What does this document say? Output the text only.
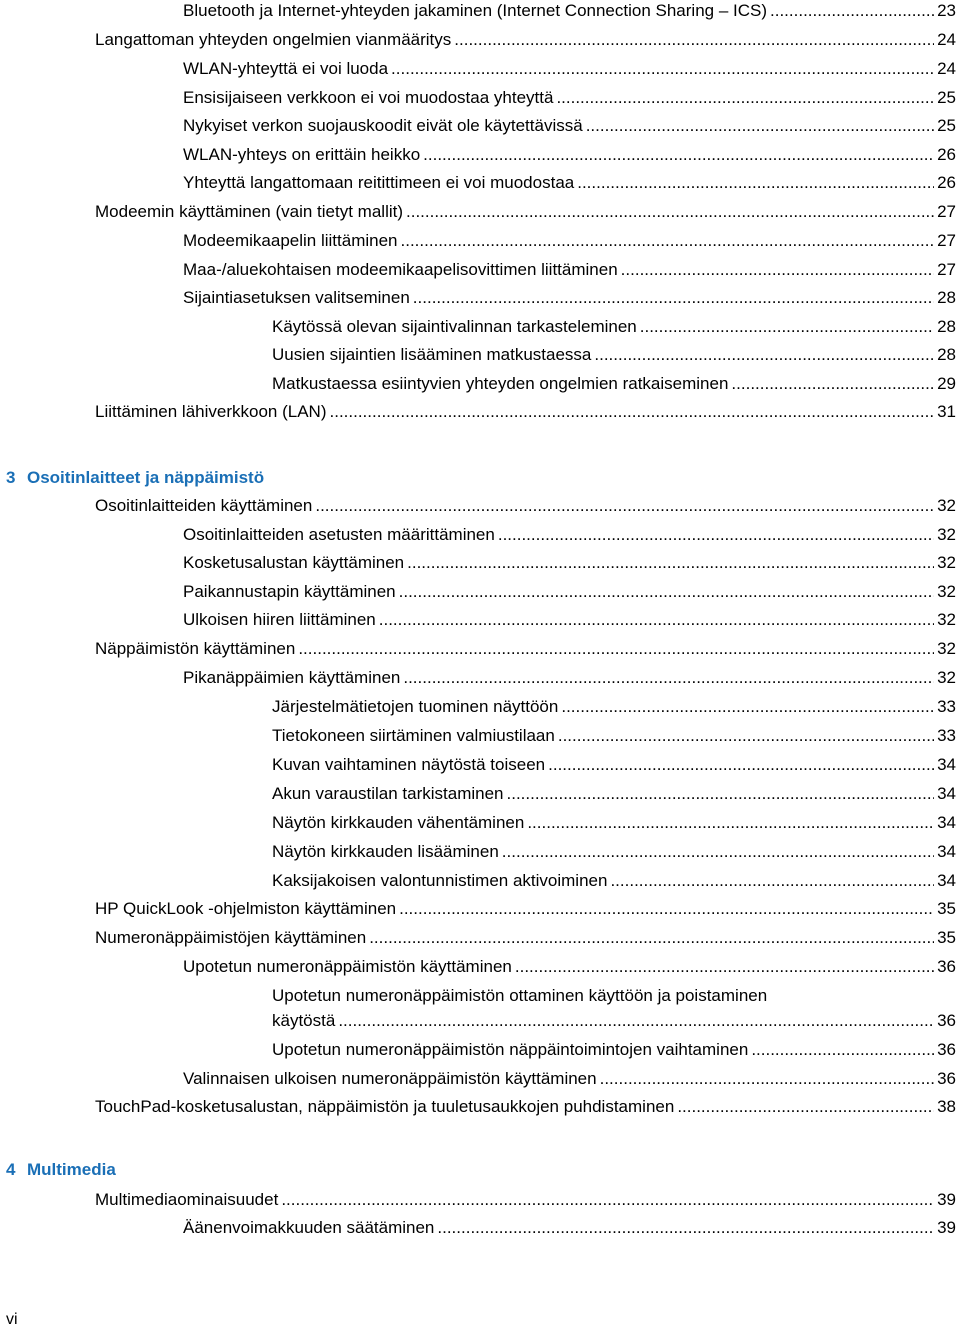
Bluetooth ja Internet-yhteyden jakaminen (Internet Connection Sharing – ICS) .....	23
Langattoman yhteyden ongelmien vianmääritys .....	24
WLAN-yhteyttä ei voi luoda .....	24
Ensisijaiseen verkkoon ei voi muodostaa yhteyttä .....	25
Nykyiset verkon suojauskoodit eivät ole käytettävissä .....	25
WLAN-yhteys on erittäin heikko .....	26
Yhteyttä langattomaan reitittimeen ei voi muodostaa .....	26
Modeemin käyttäminen (vain tietyt mallit) .....	27
Modeemikaapelin liittäminen .....	27
Maa-/aluekohtaisen modeemikaapelisovittimen liittäminen .....	27
Sijaintiasetuksen valitseminen .....	28
Käytössä olevan sijaintivalinnan tarkasteleminen .....	28
Uusien sijaintien lisääminen matkustaessa .....	28
Matkustaessa esiintyvien yhteyden ongelmien ratkaiseminen .....	29
Liittäminen lähiverkkoon (LAN) .....	31
3 Osoitinlaitteet ja näppäimistö
Osoitinlaitteiden käyttäminen .....	32
Osoitinlaitteiden asetusten määrittäminen .....	32
Kosketusalustan käyttäminen .....	32
Paikannustapin käyttäminen .....	32
Ulkoisen hiiren liittäminen .....	32
Näppäimistön käyttäminen .....	32
Pikanäppäimien käyttäminen .....	32
Järjestelmätietojen tuominen näyttöön .....	33
Tietokoneen siirtäminen valmiustilaan .....	33
Kuvan vaihtaminen näytöstä toiseen .....	34
Akun varaustilan tarkistaminen .....	34
Näytön kirkkauden vähentäminen .....	34
Näytön kirkkauden lisääminen .....	34
Kaksijakoisen valontunnistimen aktivoiminen .....	34
HP QuickLook -ohjelmiston käyttäminen .....	35
Numeronäppäimistöjen käyttäminen .....	35
Upotetun numeronäppäimistön käyttäminen .....	36
Upotetun numeronäppäimistön ottaminen käyttöön ja poistaminen
käytöstä .....	36
Upotetun numeronäppäimistön näppäintoimintojen vaihtaminen .....	36
Valinnaisen ulkoisen numeronäppäimistön käyttäminen .....	36
TouchPad-kosketusalustan, näppäimistön ja tuuletusaukkojen puhdistaminen .....	38
4 Multimedia
Multimediaominaisuudet .....	39
Äänenvoimakkuuden säätäminen .....	39
vi
